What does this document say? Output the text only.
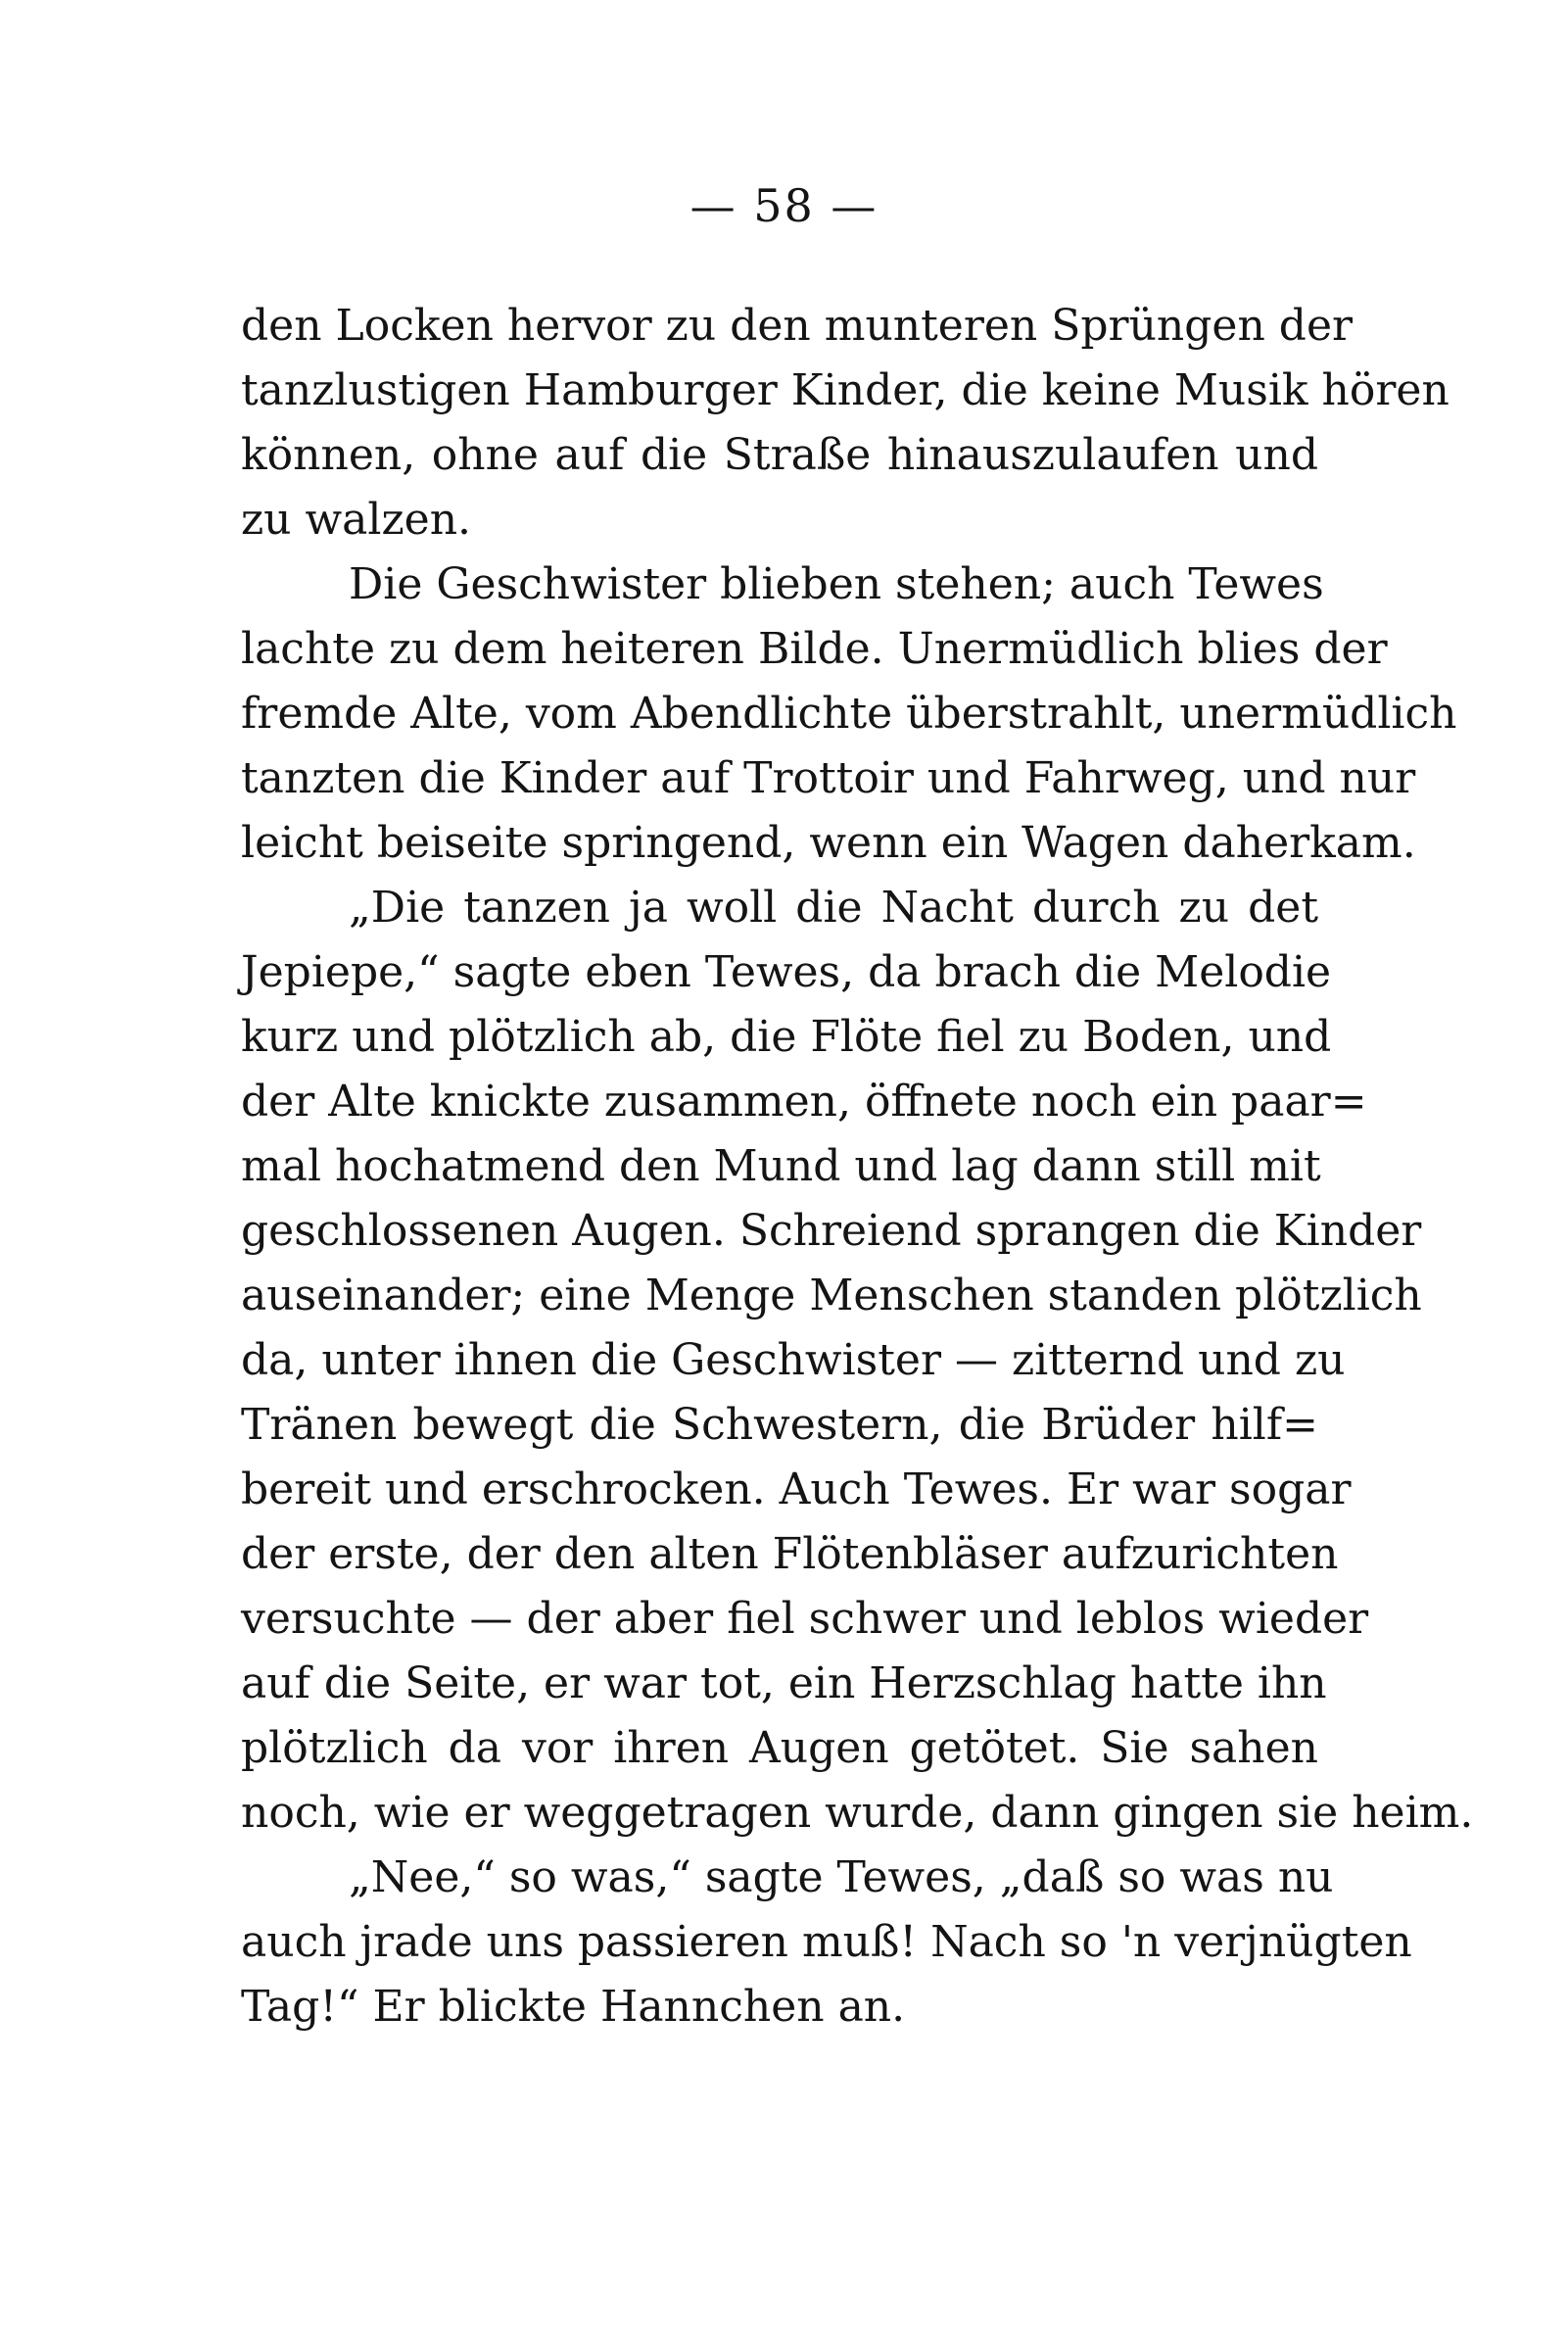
— 58 —
den Locken hervor zu den munteren Sprüngen der
tanzlustigen Hamburger Kinder, die keine Musik hören
können, ohne auf die Straße hinauszulaufen und
zu walzen.
Die Geschwister blieben stehen; auch Tewes
lachte zu dem heiteren Bilde. Unermüdlich blies der
fremde Alte, vom Abendlichte überstrahlt, unermüdlich
tanzten die Kinder auf Trottoir und Fahrweg, und nur
leicht beiseite springend, wenn ein Wagen daherkam.
„Die tanzen ja woll die Nacht durch zu det
Jepiepe,“ sagte eben Tewes, da brach die Melodie
kurz und plötzlich ab, die Flöte fiel zu Boden, und
der Alte knickte zusammen, öffnete noch ein paar=
mal hochatmend den Mund und lag dann still mit
geschlossenen Augen. Schreiend sprangen die Kinder
auseinander; eine Menge Menschen standen plötzlich
da, unter ihnen die Geschwister — zitternd und zu
Tränen bewegt die Schwestern, die Brüder hilf=
bereit und erschrocken. Auch Tewes. Er war sogar
der erste, der den alten Flötenbläser aufzurichten
versuchte — der aber fiel schwer und leblos wieder
auf die Seite, er war tot, ein Herzschlag hatte ihn
plötzlich da vor ihren Augen getötet. Sie sahen
noch, wie er weggetragen wurde, dann gingen sie heim.
„Nee,“ so was,“ sagte Tewes, „daß so was nu
auch jrade uns passieren muß! Nach so 'n verjnügten
Tag!“ Er blickte Hannchen an.
